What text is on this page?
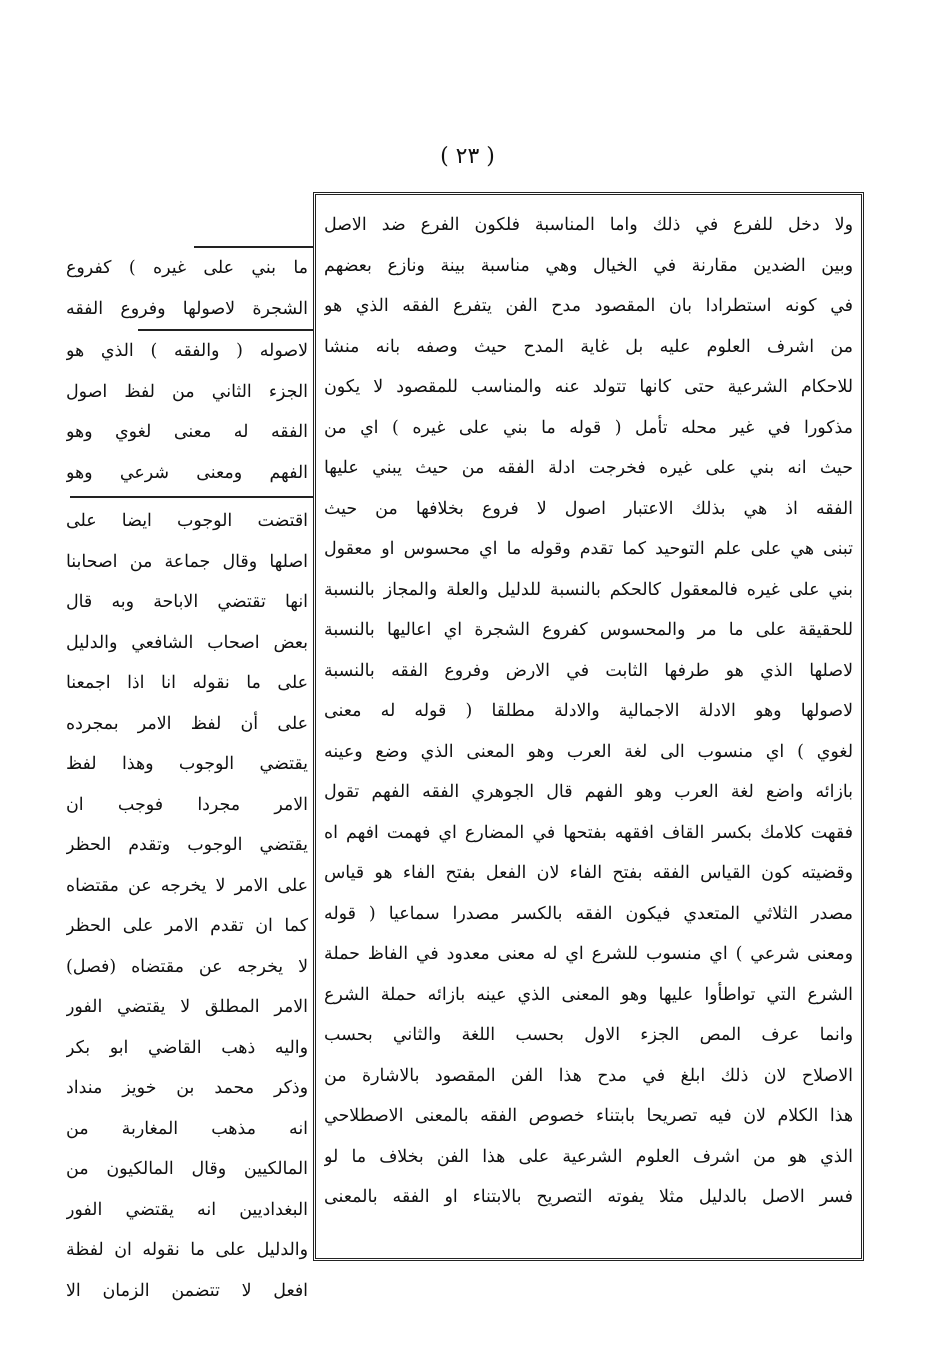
( ٢٣ )
ولا دخل للفرع في ذلك واما المناسبة فلكون الفرع ضد الاصل
وبين الضدين مقارنة في الخيال وهي مناسبة بينة ونازع بعضهم
في كونه استطرادا بان المقصود مدح الفن يتفرع الفقه الذي هو
من اشرف العلوم عليه بل غاية المدح حيث وصفه بانه منشا
للاحكام الشرعية حتى كانها تتولد عنه والمناسب للمقصود لا يكون
مذكورا في غير محله تأمل ( قوله ما بني على غيره ) اي من
حيث انه بني على غيره فخرجت ادلة الفقه من حيث يبني عليها
الفقه اذ هي بذلك الاعتبار اصول لا فروع بخلافها من حيث
تبنى هي على علم التوحيد كما تقدم وقوله ما اي محسوس او معقول
بني على غيره فالمعقول كالحكم بالنسبة للدليل والعلة والمجاز بالنسبة
للحقيقة على ما مر والمحسوس كفروع الشجرة اي اعاليها بالنسبة
لاصلها الذي هو طرفها الثابت في الارض وفروع الفقه بالنسبة
لاصولها وهو الادلة الاجمالية والادلة مطلقا ( قوله له معنى
لغوي ) اي منسوب الى لغة العرب وهو المعنى الذي وضع وعينه
بازائه واضع لغة العرب وهو الفهم قال الجوهري الفقه الفهم تقول
فقهت كلامك بكسر القاف افقهه بفتحها في المضارع اي فهمت افهم اه
وقضيته كون القياس الفقه بفتح الفاء لان الفعل بفتح الفاء هو قياس
مصدر الثلاثي المتعدي فيكون الفقه بالكسر مصدرا سماعيا ( قوله
ومعنى شرعي ) اي منسوب للشرع اي له معنى معدود في الفاظ حملة
الشرع التي تواطأوا عليها وهو المعنى الذي عينه بازائه حملة الشرع
وانما عرف المص الجزء الاول بحسب اللغة والثاني بحسب
الاصلاح لان ذلك ابلغ في مدح هذا الفن المقصود بالاشارة من
هذا الكلام لان فيه تصريحا بابتناء خصوص الفقه بالمعنى الاصطلاحي
الذي هو من اشرف العلوم الشرعية على هذا الفن بخلاف ما لو
فسر الاصل بالدليل مثلا يفوته التصريح بالابتناء او الفقه بالمعنى
ما بني على غيره ) كفروع
الشجرة لاصولها وفروع الفقه
لاصوله ( والفقه ) الذي هو
الجزء الثاني من لفظ اصول
الفقه له معنى لغوي وهو
الفهم ومعنى شرعي وهو
اقتضت الوجوب ايضا على
اصلها وقال جماعة من اصحابنا
انها تقتضي الاباحة وبه قال
بعض اصحاب الشافعي والدليل
على ما نقوله انا اذا اجمعنا
على أن لفظ الامر بمجرده
يقتضي الوجوب وهذا لفظ
الامر مجردا فوجب ان
يقتضي الوجوب وتقدم الحظر
على الامر لا يخرجه عن مقتضاه
كما ان تقدم الامر على الحظر
لا يخرجه عن مقتضاه (فصل)
الامر المطلق لا يقتضي الفور
واليه ذهب القاضي ابو بكر
وذكر محمد بن خويز منداد
انه مذهب المغاربة من
المالكيين وقال المالكيون من
البغداديين انه يقتضي الفور
والدليل على ما نقوله ان لفظة
افعل لا تتضمن الزمان الا
